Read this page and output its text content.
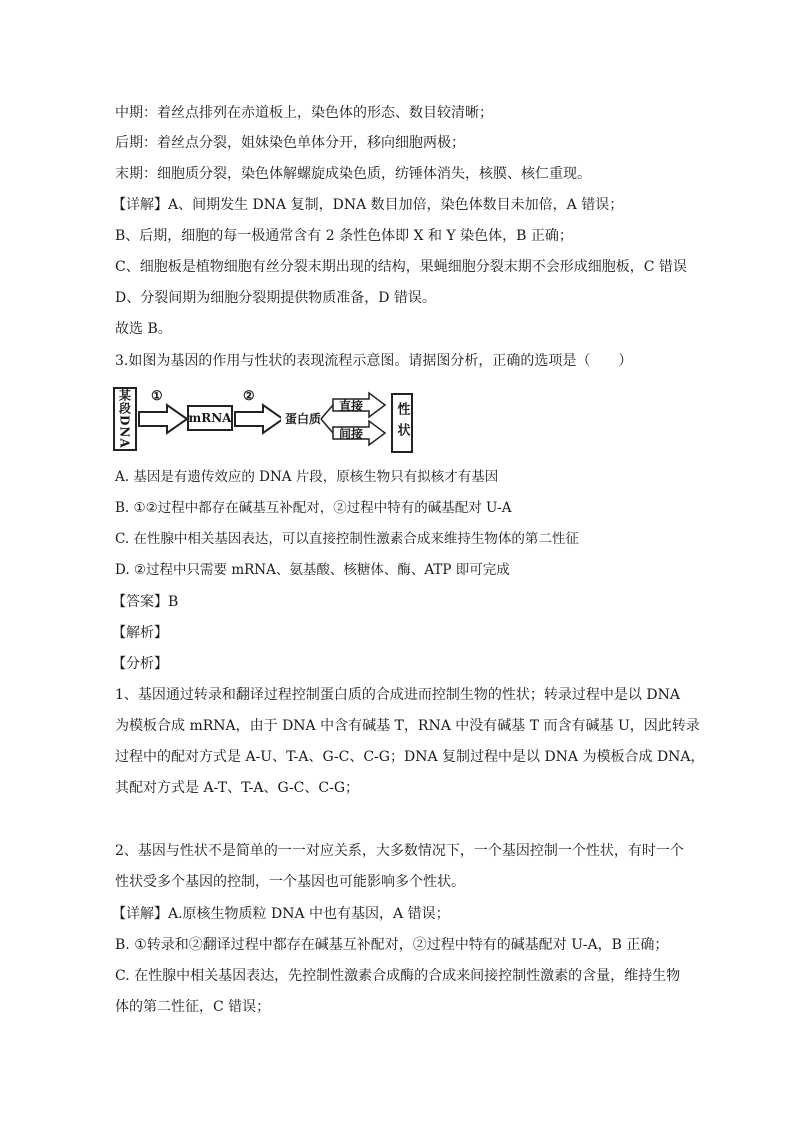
中期：着丝点排列在赤道板上，染色体的形态、数目较清晰；
后期：着丝点分裂，姐妹染色单体分开，移向细胞两极；
末期：细胞质分裂，染色体解螺旋成染色质，纺锤体消失，核膜、核仁重现。
【详解】A、间期发生 DNA 复制，DNA 数目加倍，染色体数目未加倍，A 错误；
B、后期，细胞的每一极通常含有 2 条性色体即 X 和 Y 染色体，B 正确；
C、细胞板是植物细胞有丝分裂末期出现的结构，果蝇细胞分裂末期不会形成细胞板，C 错误
D、分裂间期为细胞分裂期提供物质准备，D 错误。
故选 B。
3.如图为基因的作用与性状的表现流程示意图。请据图分析，正确的选项是（　　）
某段DNA ①
mRNA
②
蛋白质
直接
间接 性状
A. 基因是有遗传效应的 DNA 片段，原核生物只有拟核才有基因
B. ①②过程中都存在碱基互补配对，②过程中特有的碱基配对 U-A
C. 在性腺中相关基因表达，可以直接控制性激素合成来维持生物体的第二性征
D. ②过程中只需要 mRNA、氨基酸、核糖体、酶、ATP 即可完成
【答案】B
【解析】
【分析】
1、基因通过转录和翻译过程控制蛋白质的合成进而控制生物的性状；转录过程中是以 DNA
为模板合成 mRNA，由于 DNA 中含有碱基 T，RNA 中没有碱基 T 而含有碱基 U，因此转录
过程中的配对方式是 A-U、T-A、G-C、C-G；DNA 复制过程中是以 DNA 为模板合成 DNA，
其配对方式是 A-T、T-A、G-C、C-G；
2、基因与性状不是简单的一一对应关系，大多数情况下，一个基因控制一个性状，有时一个
性状受多个基因的控制，一个基因也可能影响多个性状。
【详解】A.原核生物质粒 DNA 中也有基因，A 错误；
B. ①转录和②翻译过程中都存在碱基互补配对，②过程中特有的碱基配对 U-A，B 正确；
C. 在性腺中相关基因表达，先控制性激素合成酶的合成来间接控制性激素的含量，维持生物
体的第二性征，C 错误；
